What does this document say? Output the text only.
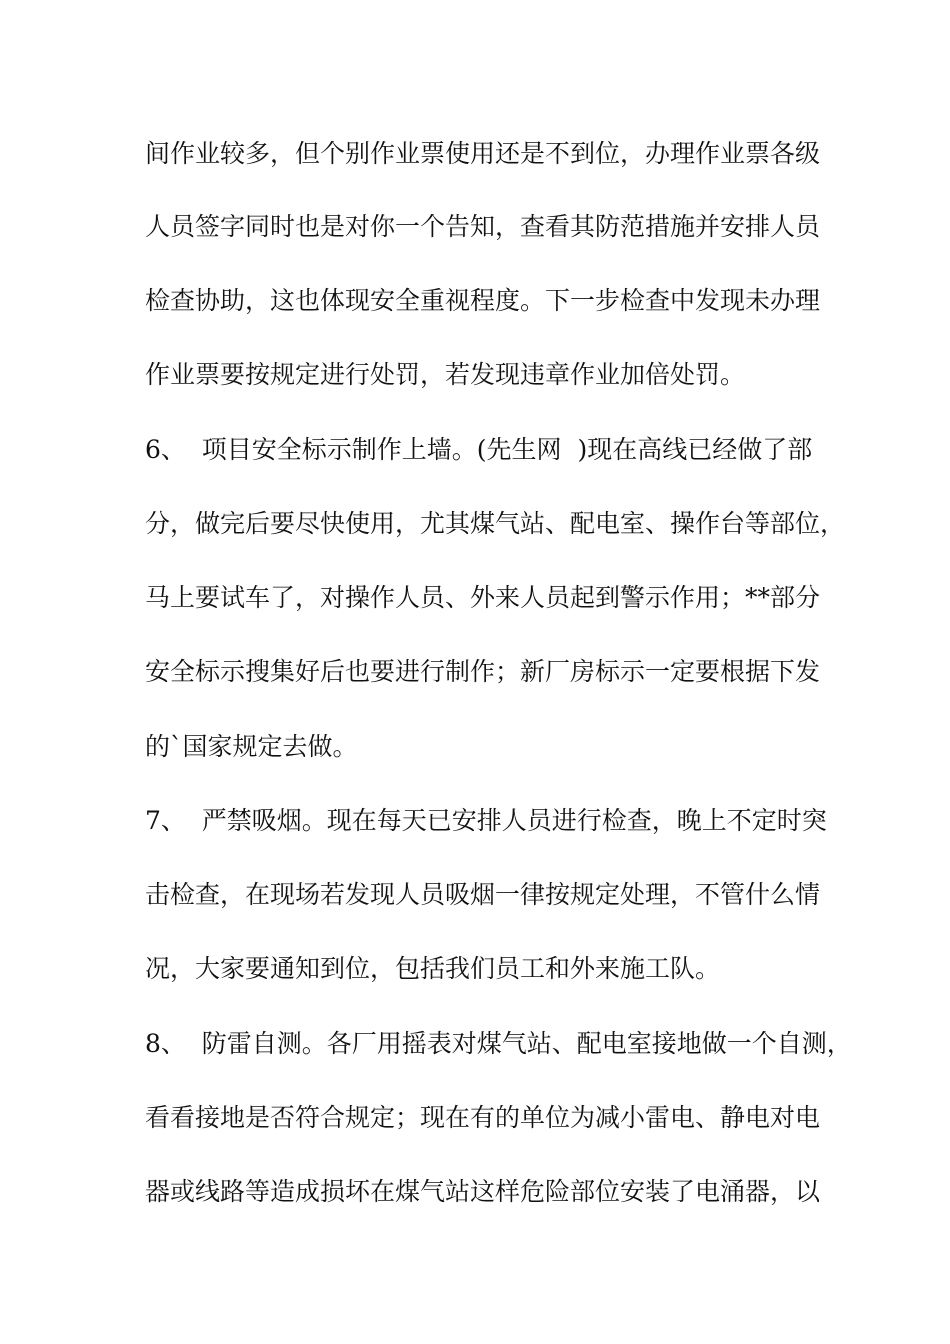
间作业较多，但个别作业票使用还是不到位，办理作业票各级
人员签字同时也是对你一个告知，查看其防范措施并安排人员
检查协助，这也体现安全重视程度。下一步检查中发现未办理
作业票要按规定进行处罚，若发现违章作业加倍处罚。
6、  项目安全标示制作上墙。(先生网  )现在高线已经做了部
分，做完后要尽快使用，尤其煤气站、配电室、操作台等部位，
马上要试车了，对操作人员、外来人员起到警示作用；**部分
安全标示搜集好后也要进行制作；新厂房标示一定要根据下发
的`国家规定去做。
7、  严禁吸烟。现在每天已安排人员进行检查，晚上不定时突
击检查，在现场若发现人员吸烟一律按规定处理，不管什么情
况，大家要通知到位，包括我们员工和外来施工队。
8、  防雷自测。各厂用摇表对煤气站、配电室接地做一个自测，
看看接地是否符合规定；现在有的单位为减小雷电、静电对电
器或线路等造成损坏在煤气站这样危险部位安装了电涌器，以
